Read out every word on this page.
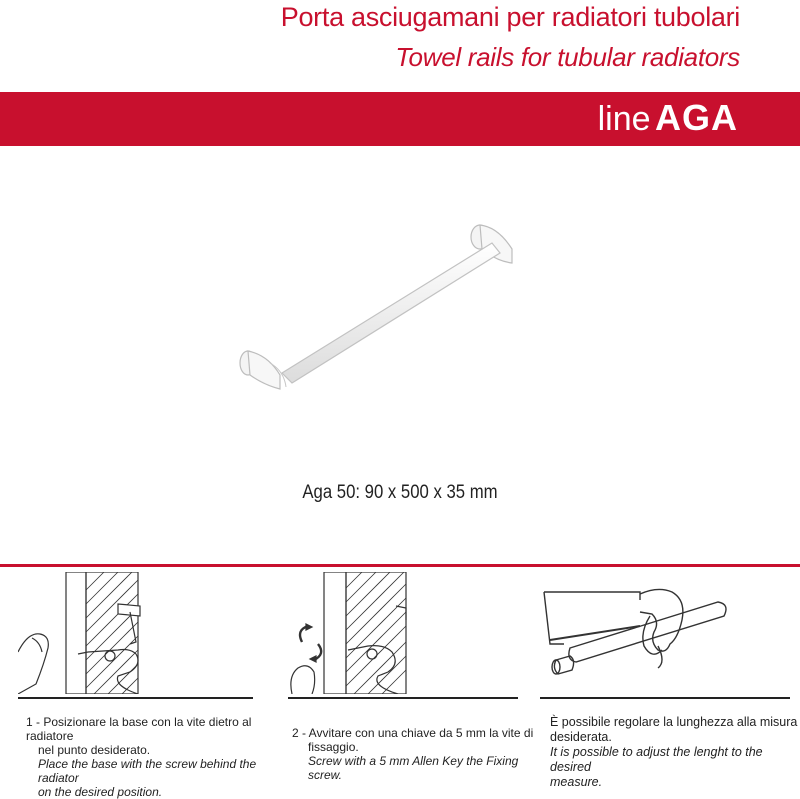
Porta asciugamani per radiatori tubolari
Towel rails for tubular radiators
line AGA
Aga 50: 90 x 500 x 35 mm

1 - Posizionare la base con la vite dietro al radiatore

nel punto desiderato.

Place the base with the screw behind the radiator

on the desired position.

2 - Avvitare con una chiave da 5 mm la vite di

fissaggio.

Screw with a 5 mm Allen Key the Fixing screw.

È possibile regolare la lunghezza alla misura

desiderata.

It is possible to adjust the lenght to the desired

measure.
